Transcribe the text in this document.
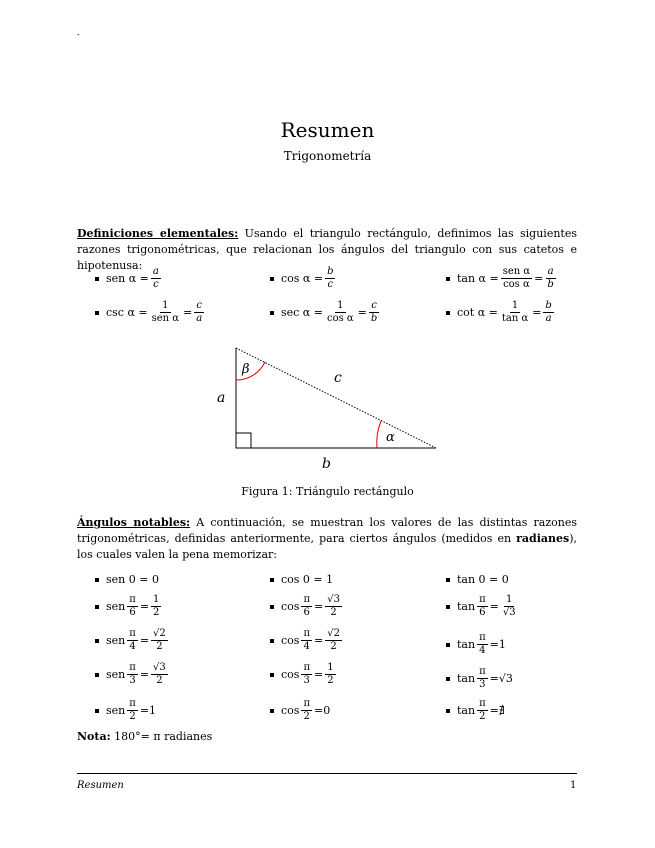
-
Resumen
Trigonometría
Definiciones elementales: Usando el triangulo rectángulo, definimos las siguientes razones trigonométricas, que relacionan los ángulos del triangulo con sus catetos e hipotenusa:
sen $\alpha = \frac{a}{c}$	$\cos \alpha = \frac{b}{c}$	$\tan \alpha = \frac{\text{sen α}}{\text{cos α}} = \frac{a}{b}$
$\csc \alpha = \frac{1}{\text{sen α}} = \frac{c}{a}$	$\sec \alpha = \frac{1}{\text{cos α}} = \frac{c}{b}$	$\cot \alpha = \frac{1}{\text{tan α}} = \frac{b}{a}$
β
α
a
c
b
Figura 1: Triángulo rectángulo
Ángulos notables: A continuación, se muestran los valores de las distintas razones trigonométricas, definidas anteriormente, para ciertos ángulos (medidos en radianes), los cuales valen la pena memorizar:
sen 0 = 0	cos 0 = 1	tan 0 = 0
sen $\frac{\pi}{6} = \frac{1}{2}$	$\cos \frac{\pi}{6} = \frac{√3}{2}$	$\tan \frac{\pi}{6} = \frac{1}{√3}$
sen $\frac{\pi}{4} = \frac{√2}{2}$	$\cos \frac{\pi}{4} = \frac{√2}{2}$	$\tan \frac{\pi}{4} = 1$
sen $\frac{\pi}{3} = \frac{√3}{2}$	$\cos \frac{\pi}{3} = \frac{1}{2}$	$\tan \frac{\pi}{3} = √3$
sen $\frac{\pi}{2} = 1$	$\cos \frac{\pi}{2} = 0$	$\tan \frac{\pi}{2}$ = ∄
Nota: 180°= π radianes
Resumen	1
